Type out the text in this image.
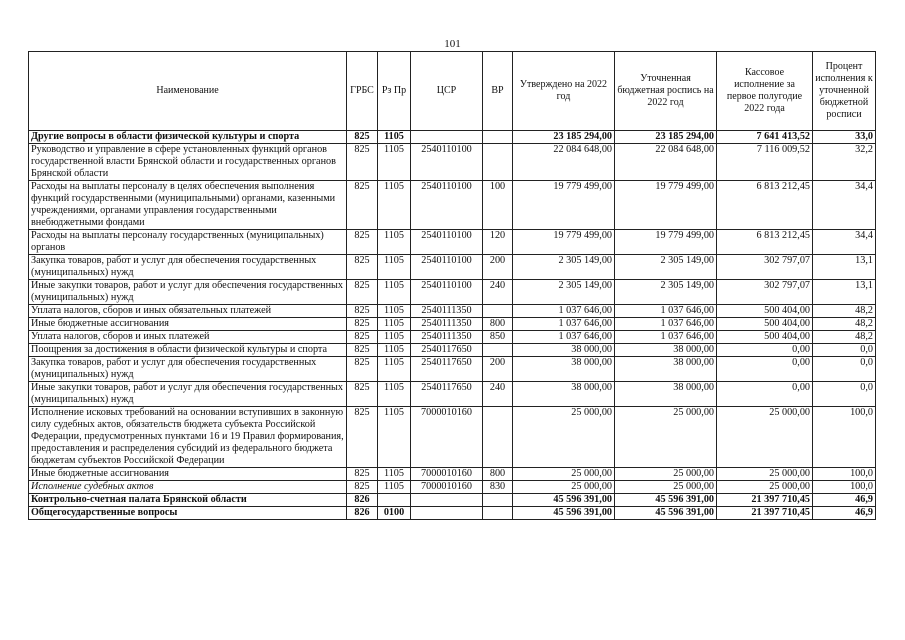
101
Наименование	ГРБС	Рз Пр	ЦСР	ВР	Утверждено на 2022 год	Уточненная бюджетная роспись на 2022 год	Кассовое исполнение за первое полугодие 2022 года	Процент исполнения к уточненной бюджетной росписи
Другие вопросы в области физической культуры и спорта	825	1105			23 185 294,00	23 185 294,00	7 641 413,52	33,0
Руководство и управление в сфере установленных функций органов государственной власти Брянской области и государственных органов Брянской области	825	1105	2540110100		22 084 648,00	22 084 648,00	7 116 009,52	32,2
Расходы на выплаты персоналу в целях обеспечения выполнения функций государственными (муниципальными) органами, казенными учреждениями, органами управления государственными внебюджетными фондами	825	1105	2540110100	100	19 779 499,00	19 779 499,00	6 813 212,45	34,4
Расходы на выплаты персоналу государственных (муниципальных) органов	825	1105	2540110100	120	19 779 499,00	19 779 499,00	6 813 212,45	34,4
Закупка товаров, работ и услуг для обеспечения государственных (муниципальных) нужд	825	1105	2540110100	200	2 305 149,00	2 305 149,00	302 797,07	13,1
Иные закупки товаров, работ и услуг для обеспечения государственных (муниципальных) нужд	825	1105	2540110100	240	2 305 149,00	2 305 149,00	302 797,07	13,1
Уплата налогов, сборов и иных обязательных платежей	825	1105	2540111350		1 037 646,00	1 037 646,00	500 404,00	48,2
Иные бюджетные ассигнования	825	1105	2540111350	800	1 037 646,00	1 037 646,00	500 404,00	48,2
Уплата налогов, сборов и иных платежей	825	1105	2540111350	850	1 037 646,00	1 037 646,00	500 404,00	48,2
Поощрения за достижения в области физической культуры и спорта	825	1105	2540117650		38 000,00	38 000,00	0,00	0,0
Закупка товаров, работ и услуг для обеспечения государственных (муниципальных) нужд	825	1105	2540117650	200	38 000,00	38 000,00	0,00	0,0
Иные закупки товаров, работ и услуг для обеспечения государственных (муниципальных) нужд	825	1105	2540117650	240	38 000,00	38 000,00	0,00	0,0
Исполнение исковых требований на основании вступивших в законную силу судебных актов, обязательств бюджета субъекта Российской Федерации, предусмотренных пунктами 16 и 19 Правил формирования, предоставления и распределения субсидий из федерального бюджета бюджетам субъектов Российской Федерации	825	1105	7000010160		25 000,00	25 000,00	25 000,00	100,0
Иные бюджетные ассигнования	825	1105	7000010160	800	25 000,00	25 000,00	25 000,00	100,0
Исполнение судебных актов	825	1105	7000010160	830	25 000,00	25 000,00	25 000,00	100,0
Контрольно-счетная палата Брянской области	826				45 596 391,00	45 596 391,00	21 397 710,45	46,9
Общегосударственные вопросы	826	0100			45 596 391,00	45 596 391,00	21 397 710,45	46,9
